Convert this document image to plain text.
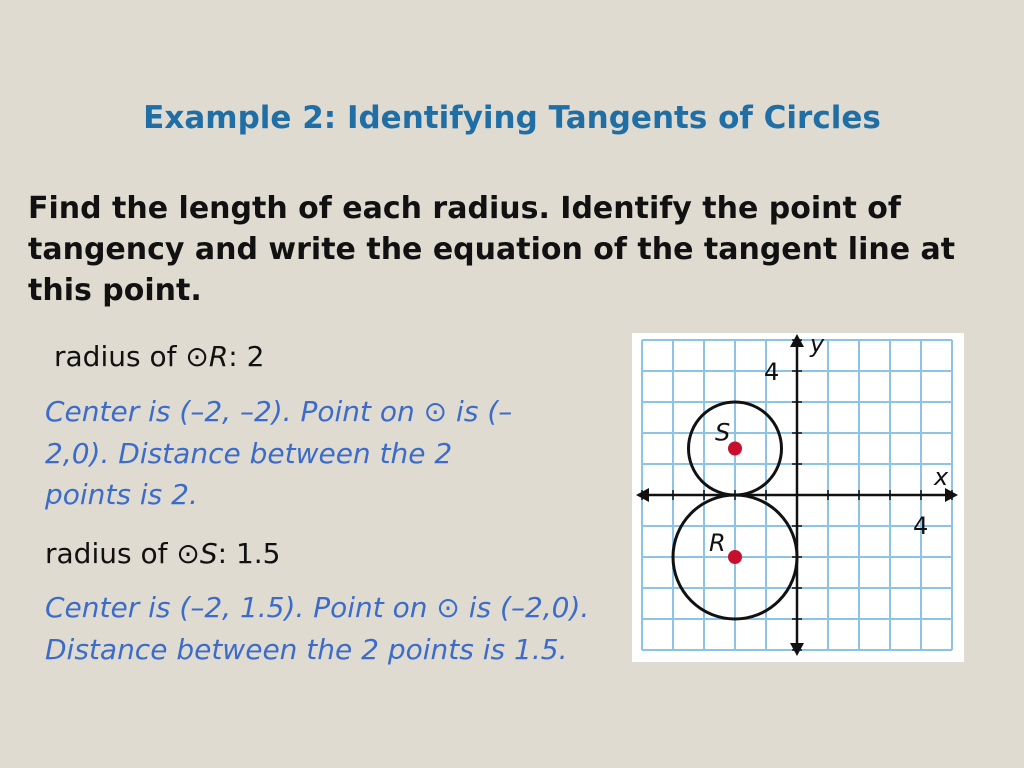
Example 2: Identifying Tangents of Circles
Find the length of each radius. Identify the point of tangency and write the equation of the tangent line at this point.
radius of ⊙R: 2
Center is (–2, –2). Point on ⊙ is (–2,0). Distance between the 2 points is 2.
radius of ⊙S: 1.5
Center is (–2, 1.5). Point on ⊙ is (–2,0). Distance between the 2 points is 1.5.
S
R
x
y
4
4
